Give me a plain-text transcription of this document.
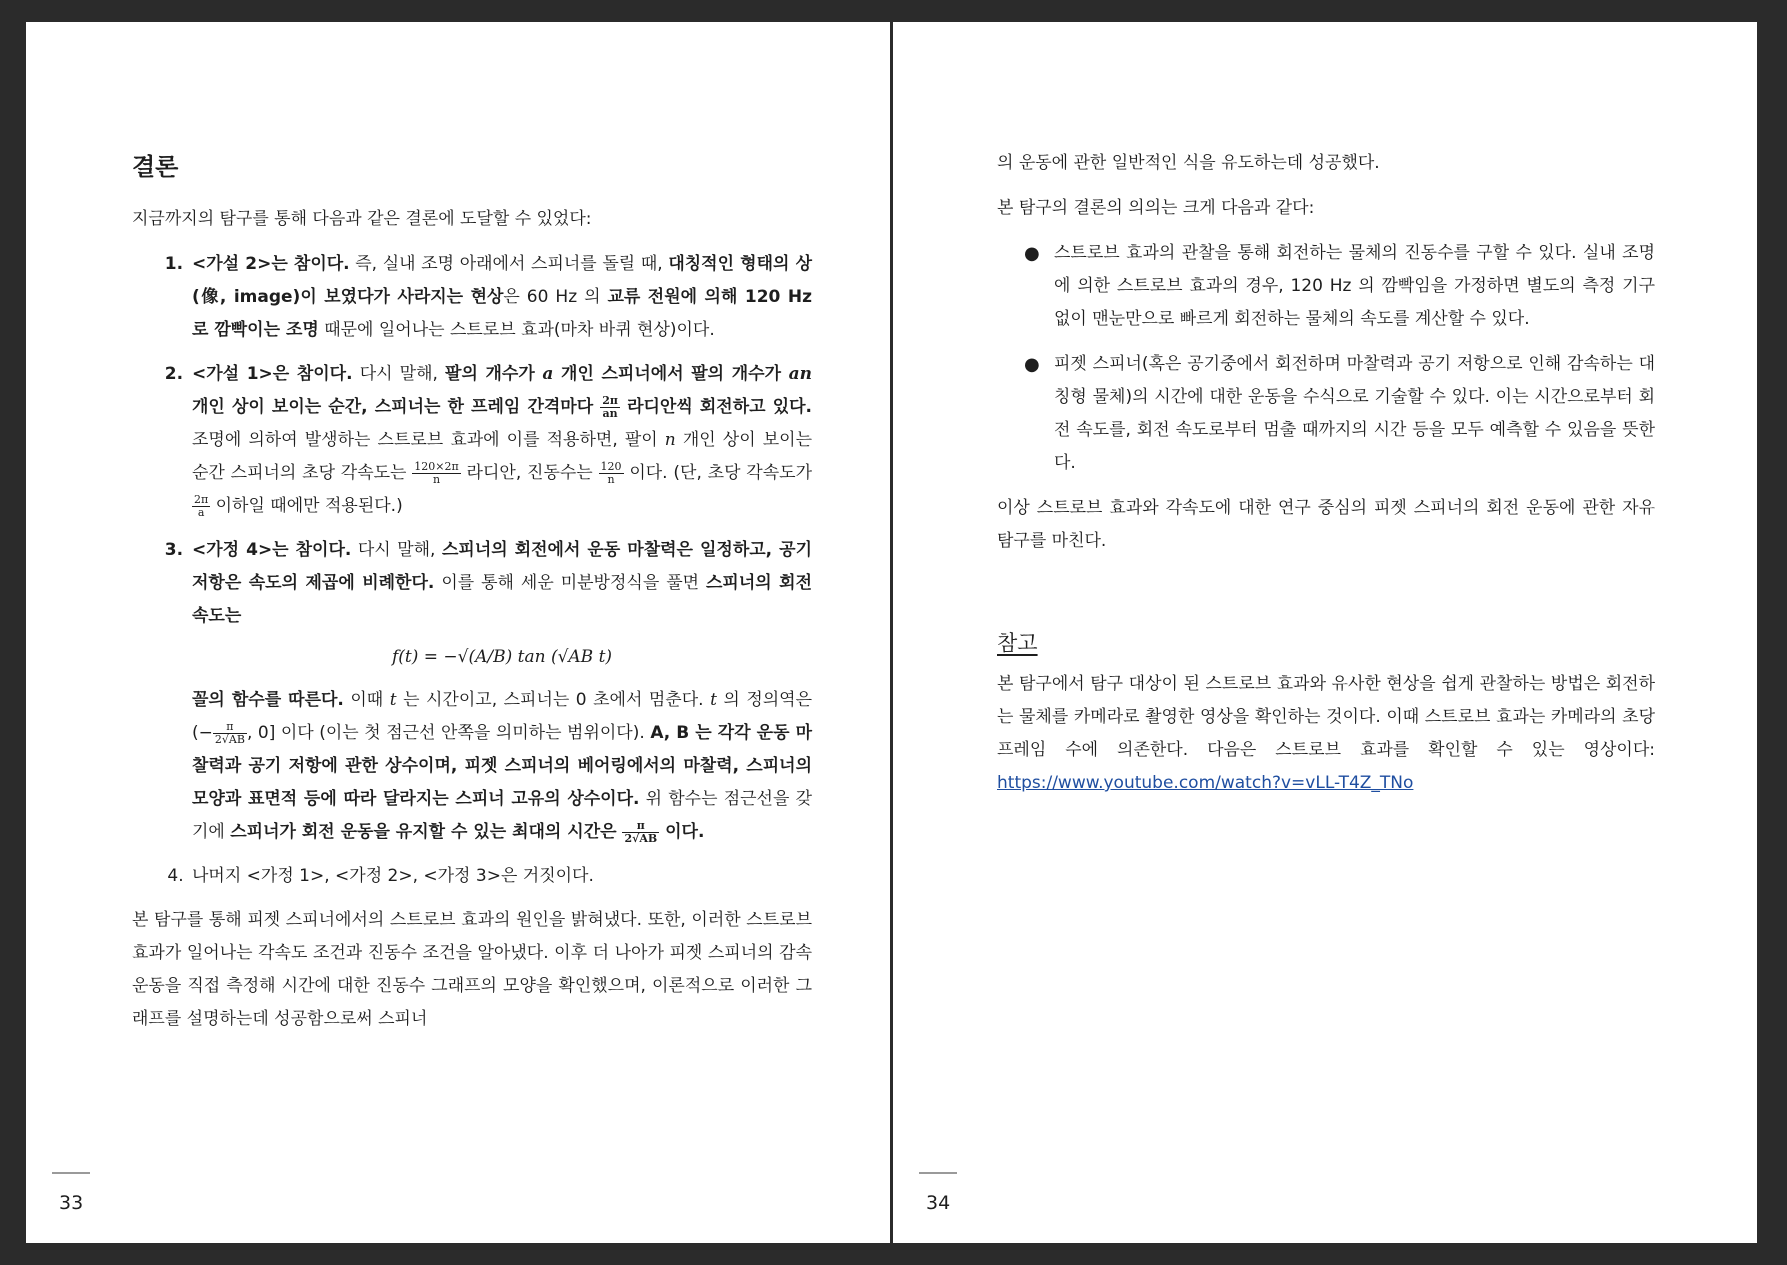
결론

지금까지의 탐구를 통해 다음과 같은 결론에 도달할 수 있었다:

1. <가설 2>는 참이다. 즉, 실내 조명 아래에서 스피너를 돌릴 때, 대칭적인 형태의 상(像, image)이 보였다가 사라지는 현상은 60 Hz 의 교류 전원에 의해 120 Hz 로 깜빡이는 조명 때문에 일어나는 스트로브 효과(마차 바퀴 현상)이다.
2. <가설 1>은 참이다. 다시 말해, 팔의 개수가 a 개인 스피너에서 팔의 개수가 an 개인 상이 보이는 순간, 스피너는 한 프레임 간격마다 $\frac{2\pi}{an}$ 라디안씩 회전하고 있다. 조명에 의하여 발생하는 스트로브 효과에 이를 적용하면, 팔이 n 개인 상이 보이는 순간 스피너의 초당 각속도는 $\frac{120\times 2\pi}{n}$ 라디안, 진동수는 $\frac{120}{n}$ 이다. (단, 초당 각속도가
$\frac{2\pi}{a}$ 이하일 때에만 적용된다.)
3. <가정 4>는 참이다. 다시 말해, 스피너의 회전에서 운동 마찰력은 일정하고, 공기 저항은 속도의 제곱에 비례한다. 이를 통해 세운 미분방정식을 풀면 스피너의 회전 속도는
f(t) = −√(A/B) tan (√AB t)
꼴의 함수를 따른다. 이때 t 는 시간이고, 스피너는 0 초에서 멈춘다. t 의 정의역은 (− $\frac{\pi}{2√AB}$ , 0] 이다 (이는 첫 점근선 안쪽을 의미하는 범위이다). A, B 는 각각 운동 마찰력과 공기 저항에 관한 상수이며, 피젯 스피너의 베어링에서의 마찰력, 스피너의 모양과 표면적 등에 따라 달라지는 스피너 고유의 상수이다. 위 함수는 점근선을 갖기에 스피너가 회전 운동을 유지할 수 있는 최대의 시간은 $\frac{\pi}{2√AB}$ 이다.
4. 나머지 <가정 1>, <가정 2>, <가정 3>은 거짓이다.

본 탐구를 통해 피젯 스피너에서의 스트로브 효과의 원인을 밝혀냈다. 또한, 이러한 스트로브 효과가 일어나는 각속도 조건과 진동수 조건을 알아냈다. 이후 더 나아가 피젯 스피너의 감속 운동을 직접 측정해 시간에 대한 진동수 그래프의 모양을 확인했으며, 이론적으로 이러한 그래프를 설명하는데 성공함으로써 스피너

33

의 운동에 관한 일반적인 식을 유도하는데 성공했다.

본 탐구의 결론의 의의는 크게 다음과 같다:

● 스트로브 효과의 관찰을 통해 회전하는 물체의 진동수를 구할 수 있다. 실내 조명에 의한 스트로브 효과의 경우, 120 Hz 의 깜빡임을 가정하면 별도의 측정 기구 없이 맨눈만으로 빠르게 회전하는 물체의 속도를 계산할 수 있다.
● 피젯 스피너(혹은 공기중에서 회전하며 마찰력과 공기 저항으로 인해 감속하는 대칭형 물체)의 시간에 대한 운동을 수식으로 기술할 수 있다. 이는 시간으로부터 회전 속도를, 회전 속도로부터 멈출 때까지의 시간 등을 모두 예측할 수 있음을 뜻한다.

이상 스트로브 효과와 각속도에 대한 연구 중심의 피젯 스피너의 회전 운동에 관한 자유 탐구를 마친다.

참고

본 탐구에서 탐구 대상이 된 스트로브 효과와 유사한 현상을 쉽게 관찰하는 방법은 회전하는 물체를 카메라로 촬영한 영상을 확인하는 것이다. 이때 스트로브 효과는 카메라의 초당 프레임 수에 의존한다. 다음은 스트로브 효과를 확인할 수 있는 영상이다: https://www.youtube.com/watch?v=vLL-T4Z_TNo

34
